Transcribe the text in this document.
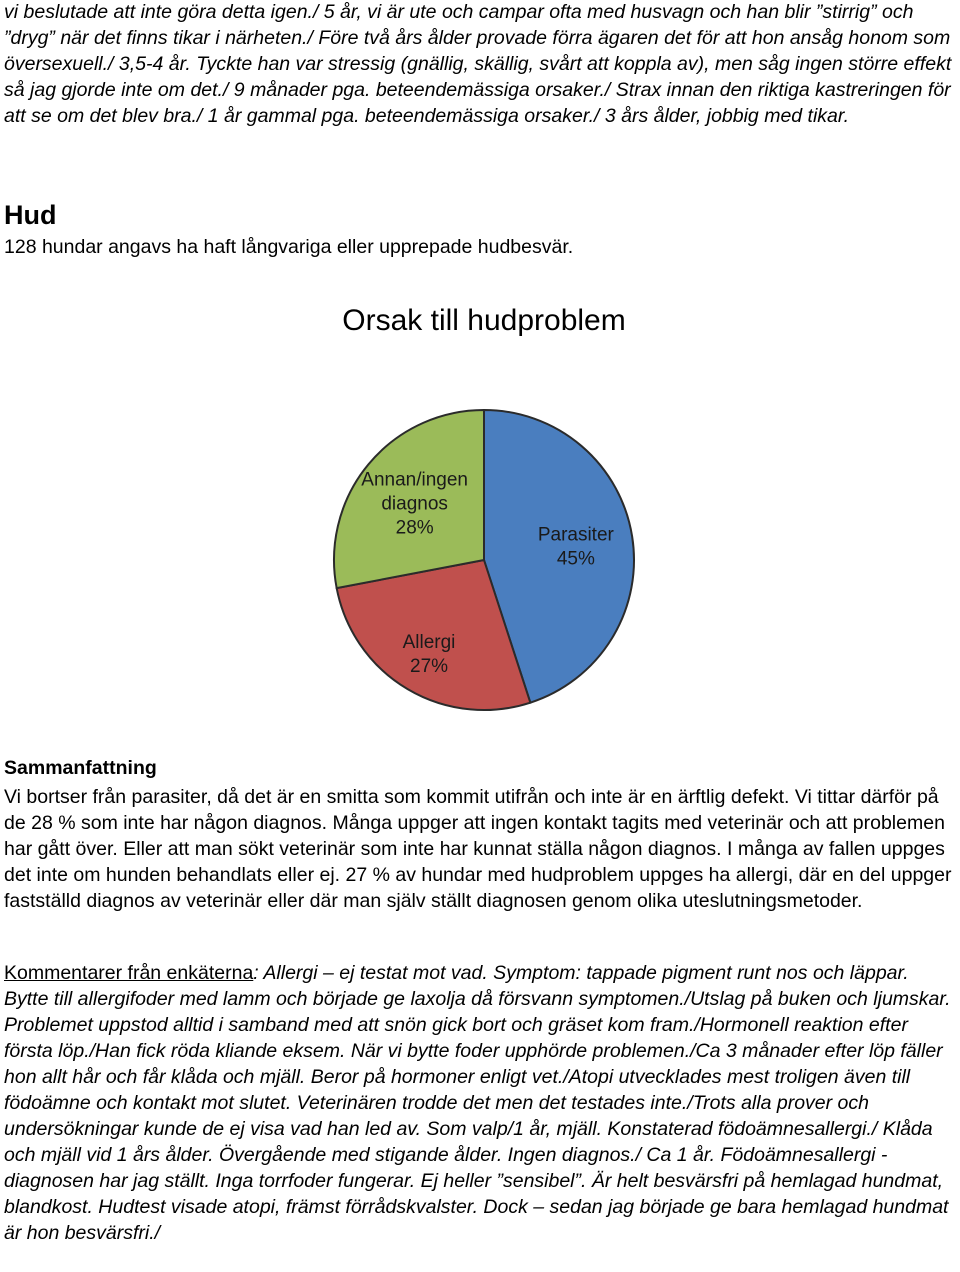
vi beslutade att inte göra detta igen./ 5 år, vi är ute och campar ofta med husvagn och han blir ”stirrig” och ”dryg” när det finns tikar i närheten./ Före två års ålder provade förra ägaren det för att hon ansåg honom som översexuell./ 3,5-4 år. Tyckte han var stressig (gnällig, skällig, svårt att koppla av), men såg ingen större effekt så jag gjorde inte om det./ 9 månader pga. beteendemässiga orsaker./ Strax innan den riktiga kastreringen för att se om det blev bra./ 1 år gammal pga. beteendemässiga orsaker./ 3 års ålder, jobbig med tikar.
Hud
128 hundar angavs ha haft långvariga eller upprepade hudbesvär.
Orsak till hudproblem
Parasiter
45%
Allergi
27%
Annan/ingen
diagnos
28%
Sammanfattning
Vi bortser från parasiter, då det är en smitta som kommit utifrån och inte är en ärftlig defekt. Vi tittar därför på de 28 % som inte har någon diagnos. Många uppger att ingen kontakt tagits med veterinär och att problemen har gått över. Eller att man sökt veterinär som inte har kunnat ställa någon diagnos. I många av fallen uppges det inte om hunden behandlats eller ej. 27 % av hundar med hudproblem uppges ha allergi, där en del uppger fastställd diagnos av veterinär eller där man själv ställt diagnosen genom olika uteslutningsmetoder.
Kommentarer från enkäterna: Allergi – ej testat mot vad. Symptom: tappade pigment runt nos och läppar. Bytte till allergifoder med lamm och började ge laxolja då försvann symptomen./Utslag på buken och ljumskar. Problemet uppstod alltid i samband med att snön gick bort och gräset kom fram./Hormonell reaktion efter första löp./Han fick röda kliande eksem. När vi bytte foder upphörde problemen./Ca 3 månader efter löp fäller hon allt hår och får klåda och mjäll. Beror på hormoner enligt vet./Atopi utvecklades mest troligen även till födoämne och kontakt mot slutet. Veterinären trodde det men det testades inte./Trots alla prover och undersökningar kunde de ej visa vad han led av. Som valp/1 år, mjäll. Konstaterad födoämnesallergi./ Klåda och mjäll vid 1 års ålder. Övergående med stigande ålder. Ingen diagnos./ Ca 1 år. Födoämnesallergi -diagnosen har jag ställt. Inga torrfoder fungerar. Ej heller ”sensibel”. Är helt besvärsfri på hemlagad hundmat, blandkost. Hudtest visade atopi, främst förrådskvalster. Dock – sedan jag började ge bara hemlagad hundmat är hon besvärsfri./
